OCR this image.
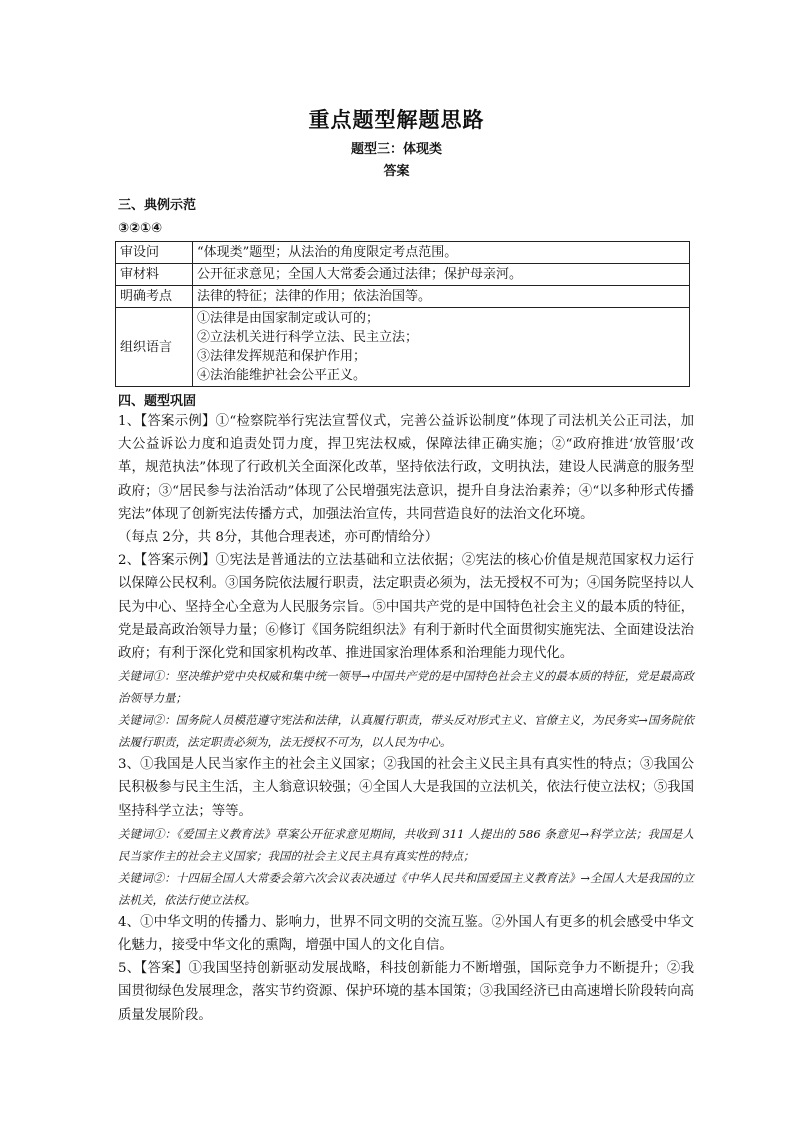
重点题型解题思路
题型三：体现类
答案
三、典例示范
③②①④
审设问	“体现类”题型；从法治的角度限定考点范围。
审材料	公开征求意见；全国人大常委会通过法律；保护母亲河。
明确考点	法律的特征；法律的作用；依法治国等。
组织语言	①法律是由国家制定或认可的；
②立法机关进行科学立法、民主立法；
③法律发挥规范和保护作用；
④法治能维护社会公平正义。
四、题型巩固

1、【答案示例】①“检察院举行宪法宣誓仪式，完善公益诉讼制度”体现了司法机关公正司法，加大公益诉讼力度和追责处罚力度，捍卫宪法权威，保障法律正确实施；②“政府推进‘放管服’改革，规范执法”体现了行政机关全面深化改革，坚持依法行政，文明执法，建设人民满意的服务型政府；③“居民参与法治活动”体现了公民增强宪法意识，提升自身法治素养；④“以多种形式传播宪法”体现了创新宪法传播方式，加强法治宣传，共同营造良好的法治文化环境。

（每点 2分，共 8分，其他合理表述，亦可酌情给分）

2、【答案示例】①宪法是普通法的立法基础和立法依据；②宪法的核心价值是规范国家权力运行以保障公民权利。③国务院依法履行职责，法定职责必须为，法无授权不可为；④国务院坚持以人民为中心、坚持全心全意为人民服务宗旨。⑤中国共产党的是中国特色社会主义的最本质的特征，党是最高政治领导力量；⑥修订《国务院组织法》有利于新时代全面贯彻实施宪法、全面建设法治政府；有利于深化党和国家机构改革、推进国家治理体系和治理能力现代化。

关键词①：坚决维护党中央权威和集中统一领导→中国共产党的是中国特色社会主义的最本质的特征，党是最高政治领导力量；

关键词②：国务院人员模范遵守宪法和法律，认真履行职责，带头反对形式主义、官僚主义，为民务实→国务院依法履行职责，法定职责必须为，法无授权不可为，以人民为中心。

3、①我国是人民当家作主的社会主义国家；②我国的社会主义民主具有真实性的特点；③我国公民积极参与民主生活，主人翁意识较强；④全国人大是我国的立法机关，依法行使立法权；⑤我国坚持科学立法；等等。

关键词①：《爱国主义教育法》草案公开征求意见期间，共收到 311 人提出的 586 条意见→科学立法；我国是人民当家作主的社会主义国家；我国的社会主义民主具有真实性的特点；

关键词②：十四届全国人大常委会第六次会议表决通过《中华人民共和国爱国主义教育法》→全国人大是我国的立法机关，依法行使立法权。

4、①中华文明的传播力、影响力，世界不同文明的交流互鉴。②外国人有更多的机会感受中华文化魅力，接受中华文化的熏陶，增强中国人的文化自信。

5、【答案】①我国坚持创新驱动发展战略，科技创新能力不断增强，国际竞争力不断提升；②我国贯彻绿色发展理念，落实节约资源、保护环境的基本国策；③我国经济已由高速增长阶段转向高质量发展阶段。
